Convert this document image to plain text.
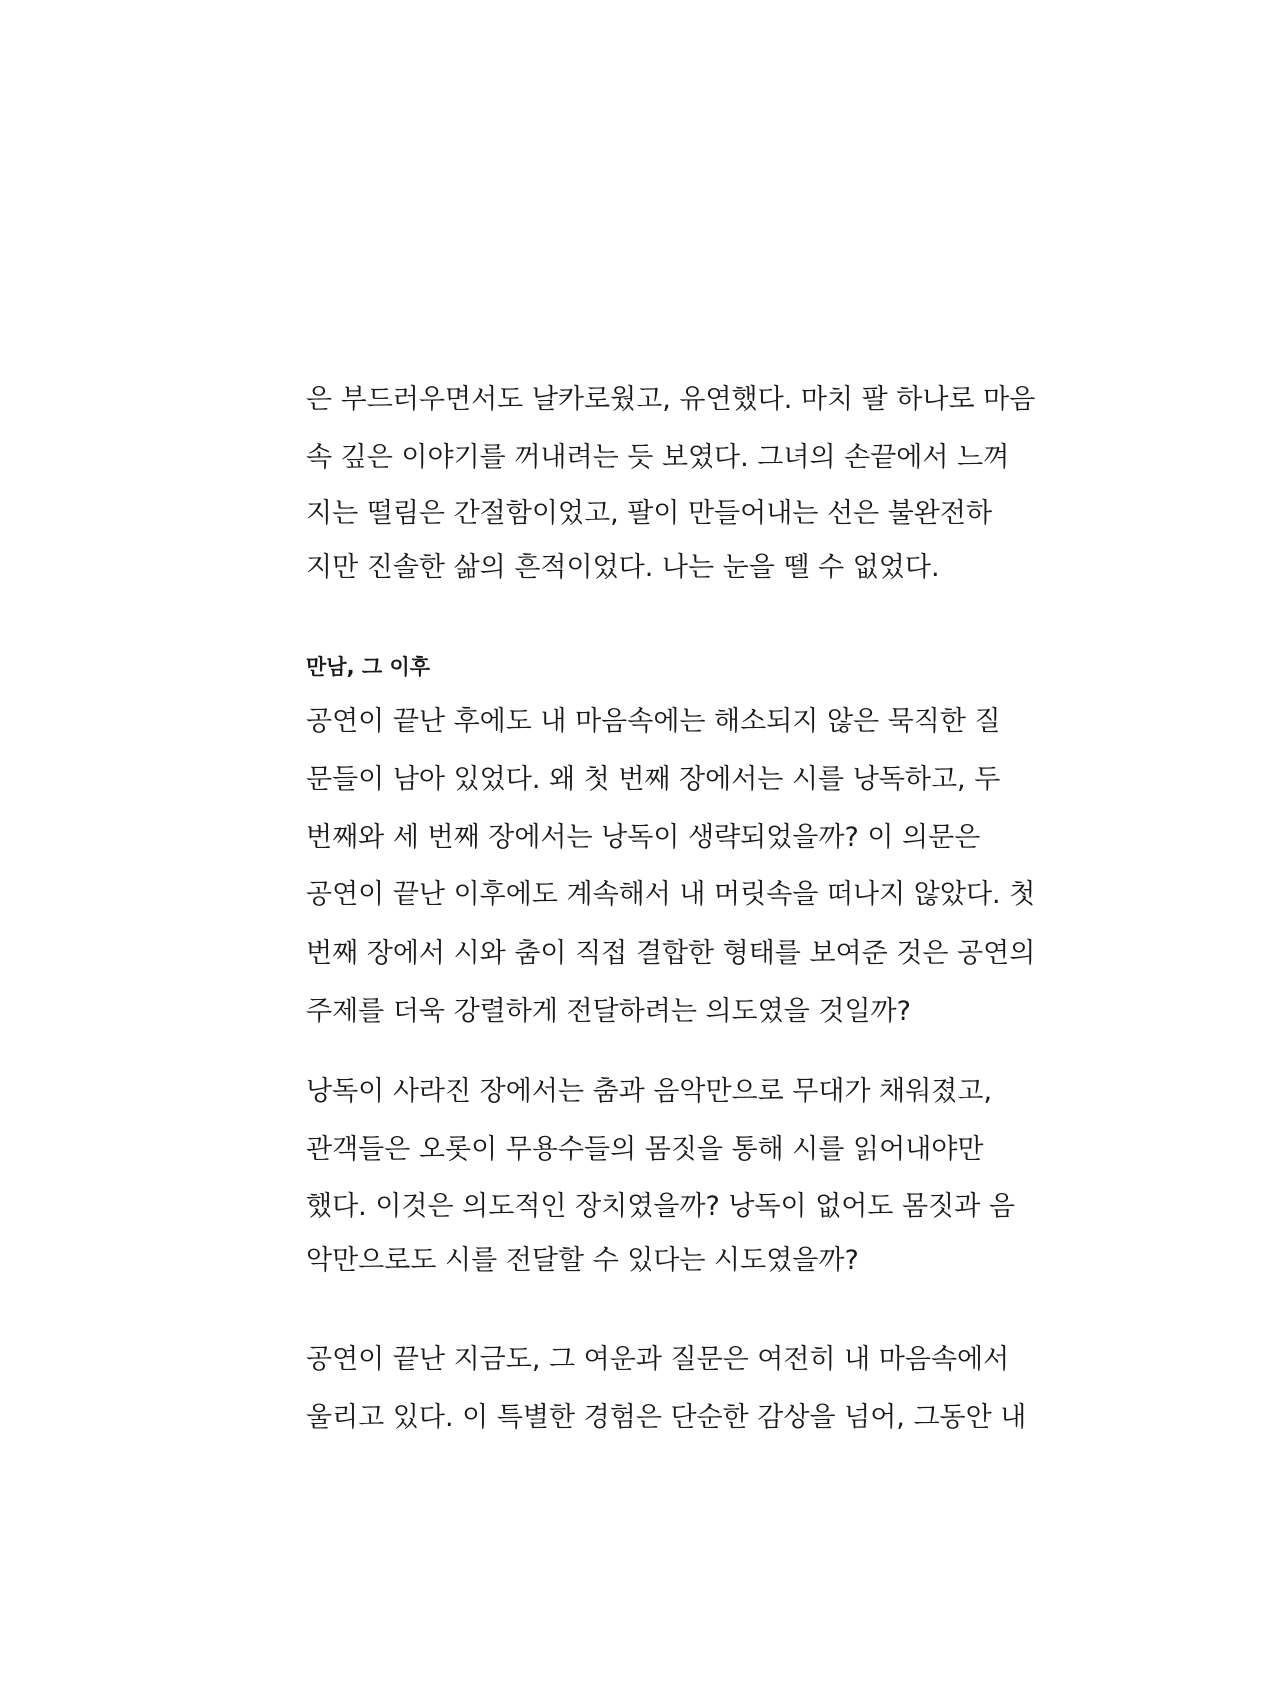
은 부드러우면서도 날카로웠고, 유연했다. 마치 팔 하나로 마음
속 깊은 이야기를 꺼내려는 듯 보였다. 그녀의 손끝에서 느껴
지는 떨림은 간절함이었고, 팔이 만들어내는 선은 불완전하
지만 진솔한 삶의 흔적이었다. 나는 눈을 뗄 수 없었다.
만남, 그 이후
공연이 끝난 후에도 내 마음속에는 해소되지 않은 묵직한 질
문들이 남아 있었다. 왜 첫 번째 장에서는 시를 낭독하고, 두
번째와 세 번째 장에서는 낭독이 생략되었을까? 이 의문은
공연이 끝난 이후에도 계속해서 내 머릿속을 떠나지 않았다. 첫
번째 장에서 시와 춤이 직접 결합한 형태를 보여준 것은 공연의
주제를 더욱 강렬하게 전달하려는 의도였을 것일까?
낭독이 사라진 장에서는 춤과 음악만으로 무대가 채워졌고,
관객들은 오롯이 무용수들의 몸짓을 통해 시를 읽어내야만
했다. 이것은 의도적인 장치였을까? 낭독이 없어도 몸짓과 음
악만으로도 시를 전달할 수 있다는 시도였을까?
공연이 끝난 지금도, 그 여운과 질문은 여전히 내 마음속에서
울리고 있다. 이 특별한 경험은 단순한 감상을 넘어, 그동안 내
